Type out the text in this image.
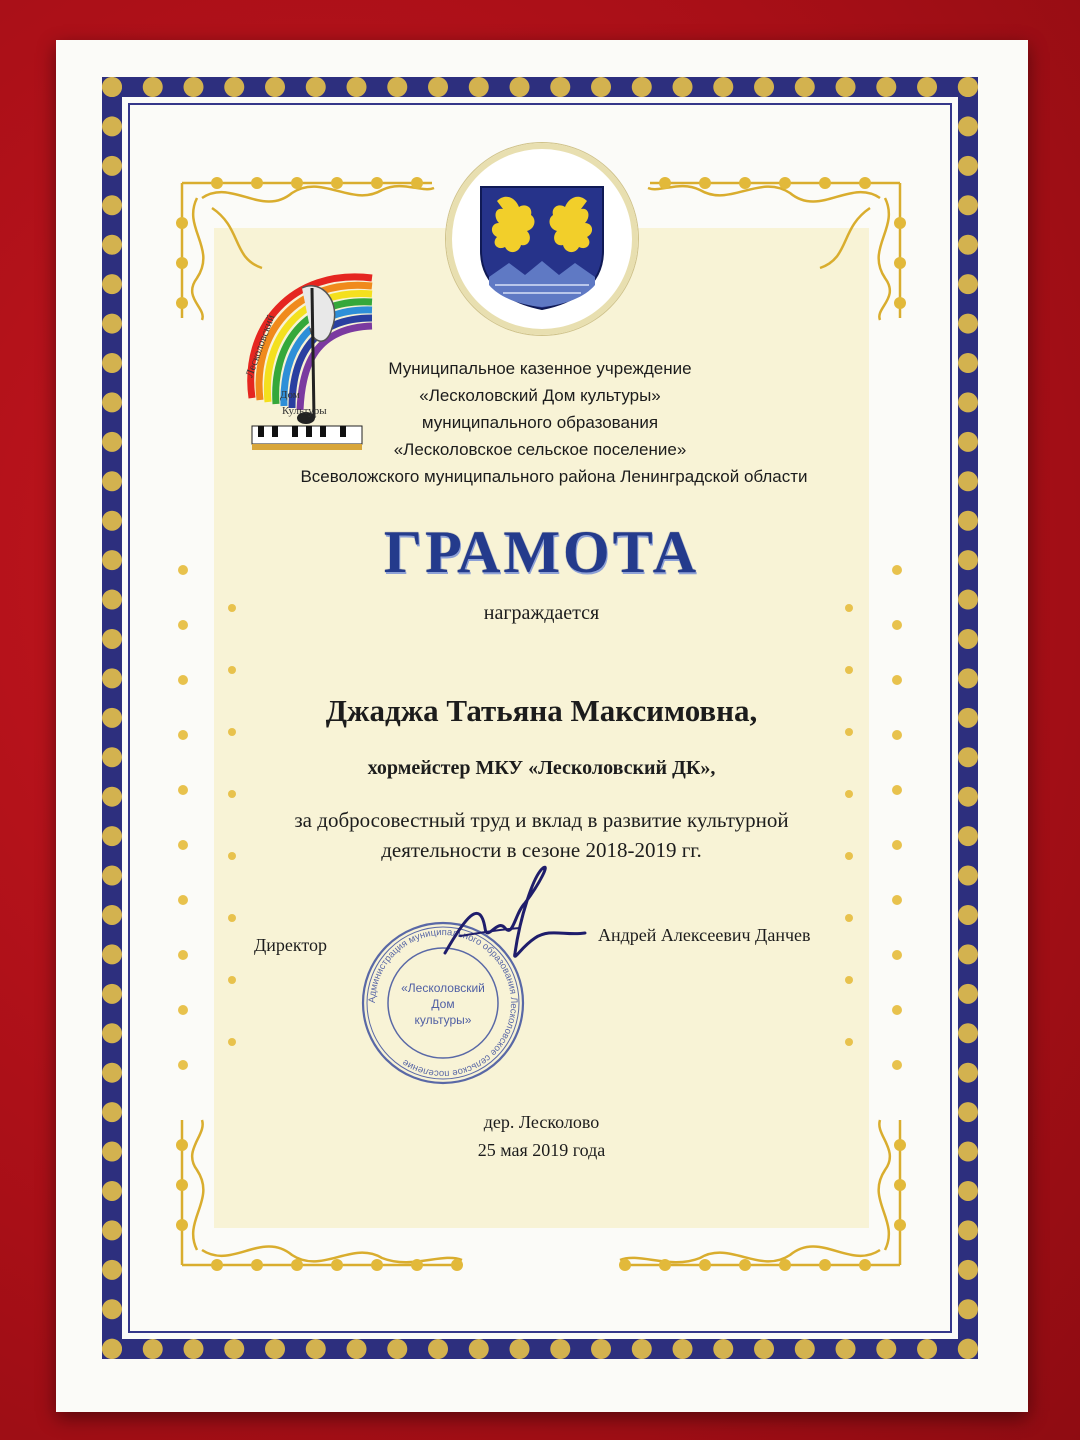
Лесколовский
Дом
Культуры
Муниципальное казенное учреждение
«Лесколовский Дом культуры»
муниципального образования
«Лесколовское сельское поселение»
Всеволожского муниципального района Ленинградской области
ГРАМОТА
награждается
Джаджа Татьяна Максимовна,
хормейстер МКУ «Лесколовский ДК»,
за добросовестный труд и вклад в развитие культурной
деятельности в сезоне 2018-2019 гг.
Администрация муниципального образования Лесколовское сельское поселение
«Лесколовский
Дом
культуры»
Директор	Андрей Алексеевич Данчев
дер. Лесколово
25 мая 2019 года
